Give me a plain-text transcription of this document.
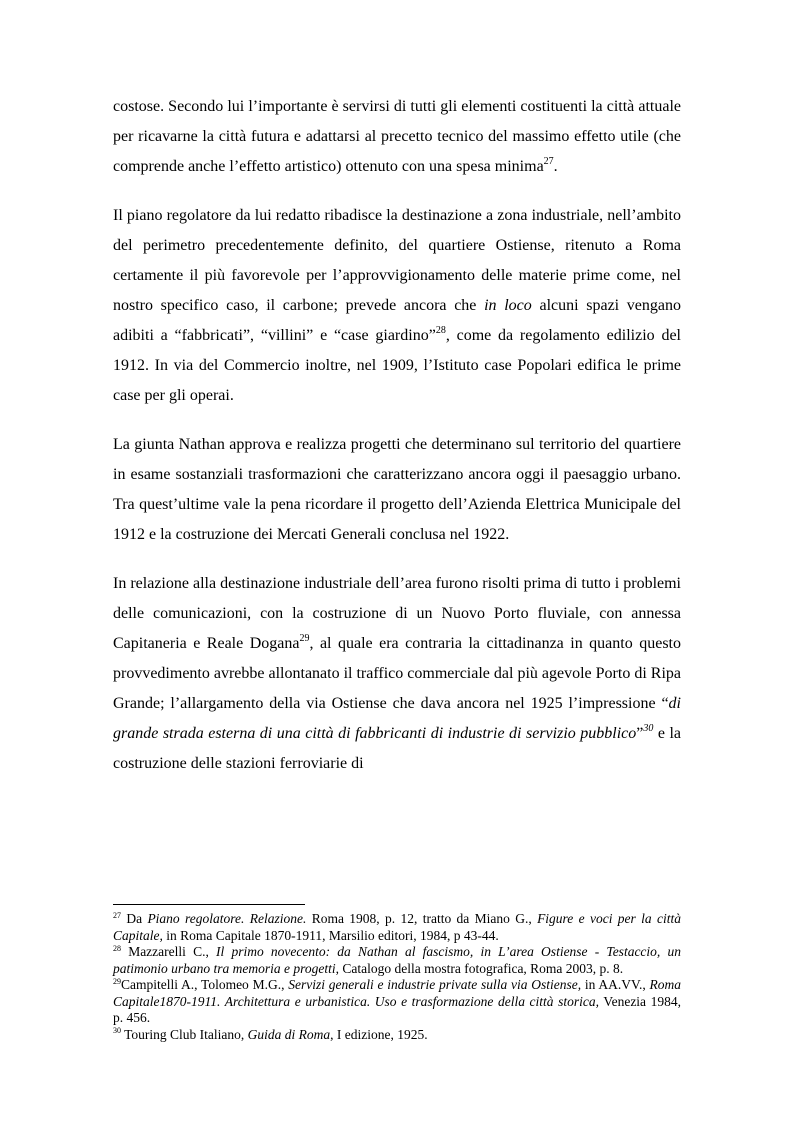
costose. Secondo lui l’importante è servirsi di tutti gli elementi costituenti la città attuale per ricavarne la città futura e adattarsi al precetto tecnico del massimo effetto utile (che comprende anche l’effetto artistico) ottenuto con una spesa minima$^{27}$.

Il piano regolatore da lui redatto ribadisce la destinazione a zona industriale, nell’ambito del perimetro precedentemente definito, del quartiere Ostiense, ritenuto a Roma certamente il più favorevole per l’approvvigionamento delle materie prime come, nel nostro specifico caso, il carbone; prevede ancora che in loco alcuni spazi vengano adibiti a “fabbricati”, “villini” e “case giardino”$^{28}$, come da regolamento edilizio del 1912. In via del Commercio inoltre, nel 1909, l’Istituto case Popolari edifica le prime case per gli operai.

La giunta Nathan approva e realizza progetti che determinano sul territorio del quartiere in esame sostanziali trasformazioni che caratterizzano ancora oggi il paesaggio urbano. Tra quest’ultime vale la pena ricordare il progetto dell’Azienda Elettrica Municipale del 1912 e la costruzione dei Mercati Generali conclusa nel 1922.

In relazione alla destinazione industriale dell’area furono risolti prima di tutto i problemi delle comunicazioni, con la costruzione di un Nuovo Porto fluviale, con annessa Capitaneria e Reale Dogana$^{29}$, al quale era contraria la cittadinanza in quanto questo provvedimento avrebbe allontanato il traffico commerciale dal più agevole Porto di Ripa Grande; l’allargamento della via Ostiense che dava ancora nel 1925 l’impressione “di grande strada esterna di una città di fabbricanti di industrie di servizio pubblico”$^{30}$ e la costruzione delle stazioni ferroviarie di

$^{27}$ Da Piano regolatore. Relazione. Roma 1908, p. 12, tratto da Miano G., Figure e voci per la città Capitale, in Roma Capitale 1870-1911, Marsilio editori, 1984, p 43-44.

$^{28}$ Mazzarelli C., Il primo novecento: da Nathan al fascismo, in L’area Ostiense - Testaccio, un patimonio urbano tra memoria e progetti, Catalogo della mostra fotografica, Roma 2003, p. 8.

$^{29}$Campitelli A., Tolomeo M.G., Servizi generali e industrie private sulla via Ostiense, in AA.VV., Roma Capitale1870-1911. Architettura e urbanistica. Uso e trasformazione della città storica, Venezia 1984, p. 456.

$^{30}$ Touring Club Italiano, Guida di Roma, I edizione, 1925.
